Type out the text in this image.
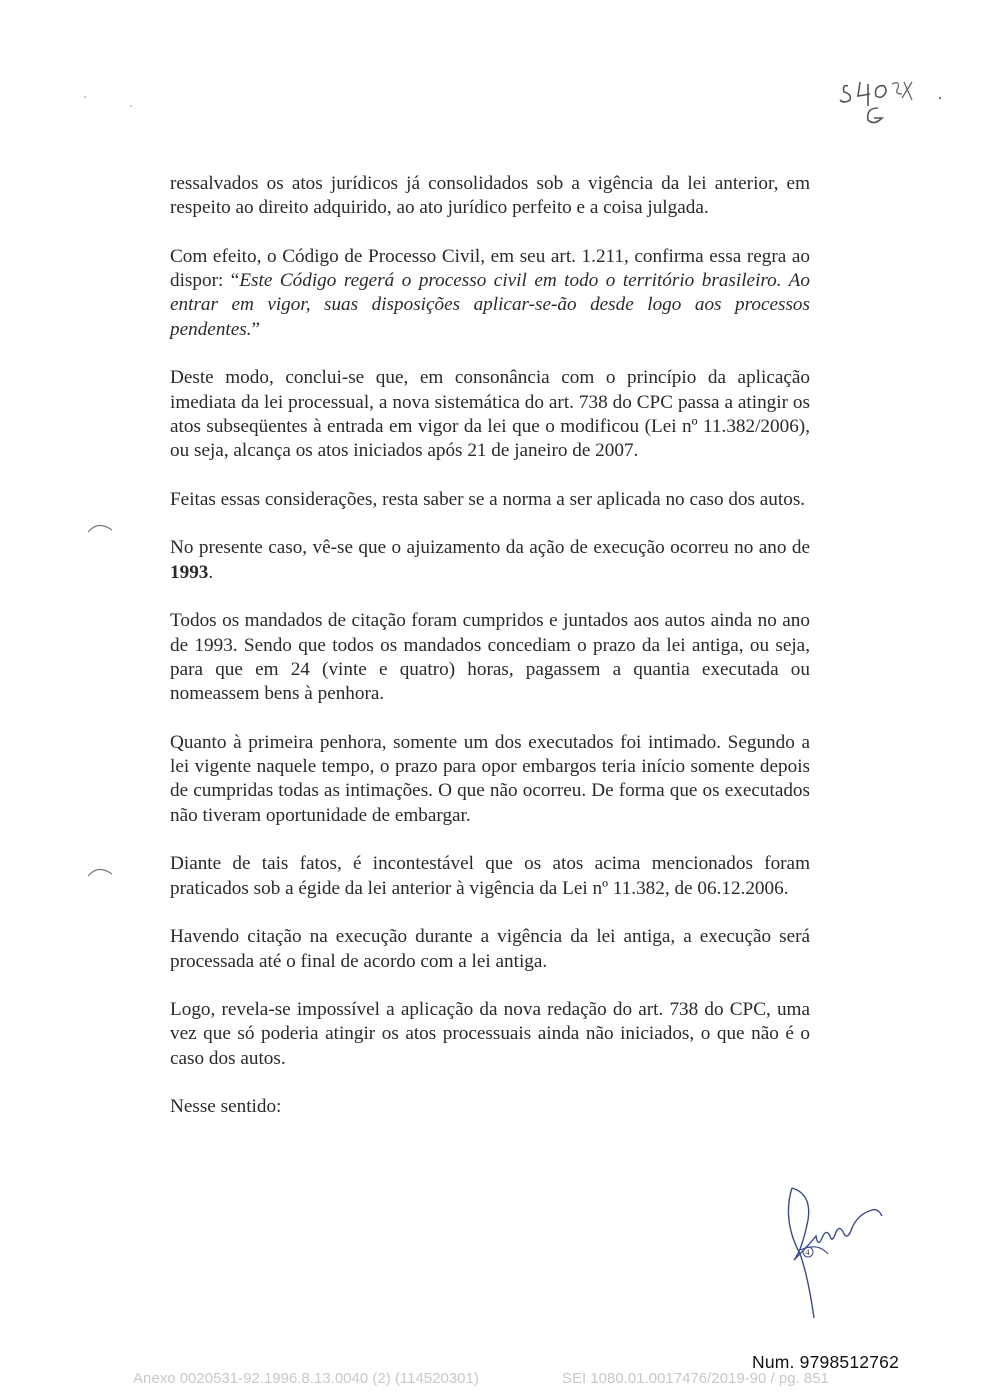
540 G

ressalvados os atos jurídicos já consolidados sob a vigência da lei anterior, em respeito ao direito adquirido, ao ato jurídico perfeito e a coisa julgada.

Com efeito, o Código de Processo Civil, em seu art. 1.211, confirma essa regra ao dispor: “Este Código regerá o processo civil em todo o território brasileiro. Ao entrar em vigor, suas disposições aplicar-se-ão desde logo aos processos pendentes.”

Deste modo, conclui-se que, em consonância com o princípio da aplicação imediata da lei processual, a nova sistemática do art. 738 do CPC passa a atingir os atos subseqüentes à entrada em vigor da lei que o modificou (Lei nº 11.382/2006), ou seja, alcança os atos iniciados após 21 de janeiro de 2007.

Feitas essas considerações, resta saber se a norma a ser aplicada no caso dos autos.

No presente caso, vê-se que o ajuizamento da ação de execução ocorreu no ano de 1993.

Todos os mandados de citação foram cumpridos e juntados aos autos ainda no ano de 1993. Sendo que todos os mandados concediam o prazo da lei antiga, ou seja, para que em 24 (vinte e quatro) horas, pagassem a quantia executada ou nomeassem bens à penhora.

Quanto à primeira penhora, somente um dos executados foi intimado. Segundo a lei vigente naquele tempo, o prazo para opor embargos teria início somente depois de cumpridas todas as intimações. O que não ocorreu. De forma que os executados não tiveram oportunidade de embargar.

Diante de tais fatos, é incontestável que os atos acima mencionados foram praticados sob a égide da lei anterior à vigência da Lei nº 11.382, de 06.12.2006.

Havendo citação na execução durante a vigência da lei antiga, a execução será processada até o final de acordo com a lei antiga.

Logo, revela-se impossível a aplicação da nova redação do art. 738 do CPC, uma vez que só poderia atingir os atos processuais ainda não iniciados, o que não é o caso dos autos.

Nesse sentido:

4
Num. 9798512762
Anexo 0020531-92.1996.8.13.0040 (2) (114520301)	SEI 1080.01.0017476/2019-90 / pg. 851
